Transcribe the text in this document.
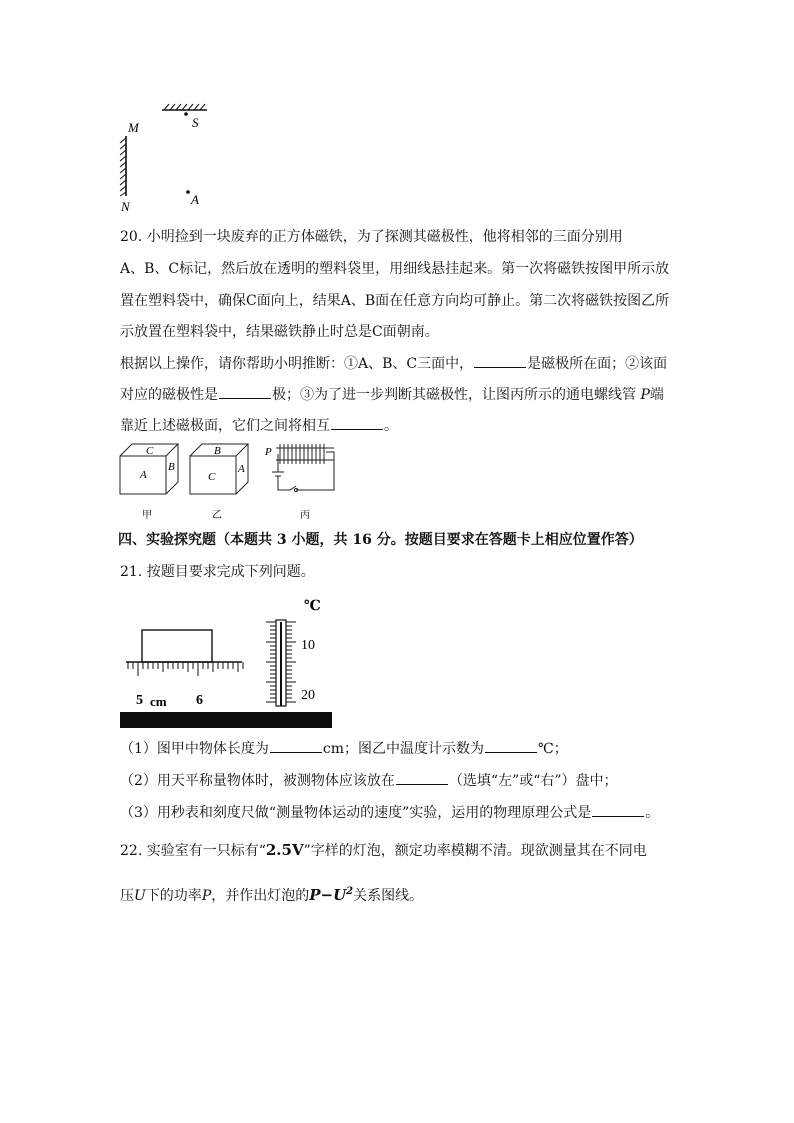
S
A
M
N
20. 小明捡到一块废弃的正方体磁铁，为了探测其磁极性，他将相邻的三面分别用
A、B、C标记，然后放在透明的塑料袋里，用细线悬挂起来。第一次将磁铁按图甲所示放
置在塑料袋中，确保C面向上，结果A、B面在任意方向均可静止。第二次将磁铁按图乙所
示放置在塑料袋中，结果磁铁静止时总是C面朝南。
根据以上操作，请你帮助小明推断：①A、B、C三面中，	是磁极所在面；②该面
对应的磁极性是	极；③为了进一步判断其磁极性，让图丙所示的通电螺线管 P端
靠近上述磁极面，它们之间将相互	。
C
A
B
甲
B
C
A
乙
P
丙
四、实验探究题（本题共 3 小题，共 16 分。按题目要求在答题卡上相应位置作答）
21. 按题目要求完成下列问题。
5 cm 6
℃
10
20
（1）图甲中物体长度为	cm；图乙中温度计示数为	℃；
（2）用天平称量物体时，被测物体应该放在	（选填“左”或“右”）盘中；
（3）用秒表和刻度尺做“测量物体运动的速度”实验，运用的物理原理公式是	。
22. 实验室有一只标有“2.5V”字样的灯泡，额定功率模糊不清。现欲测量其在不同电
压U下的功率P，并作出灯泡的$P-U^2$关系图线。
